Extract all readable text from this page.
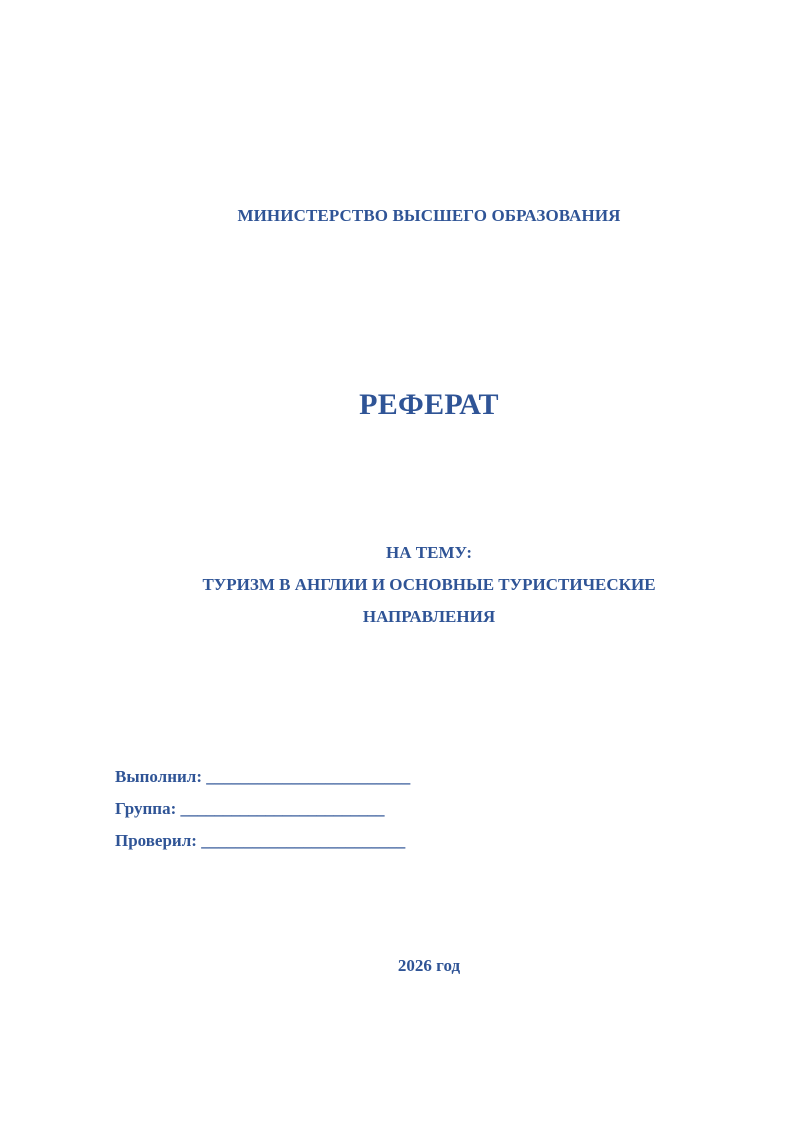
МИНИСТЕРСТВО ВЫСШЕГО ОБРАЗОВАНИЯ
РЕФЕРАТ
НА ТЕМУ:
ТУРИЗМ В АНГЛИИ И ОСНОВНЫЕ ТУРИСТИЧЕСКИЕ
НАПРАВЛЕНИЯ
Выполнил: ________________________
Группа: ________________________
Проверил: ________________________
2026 год
